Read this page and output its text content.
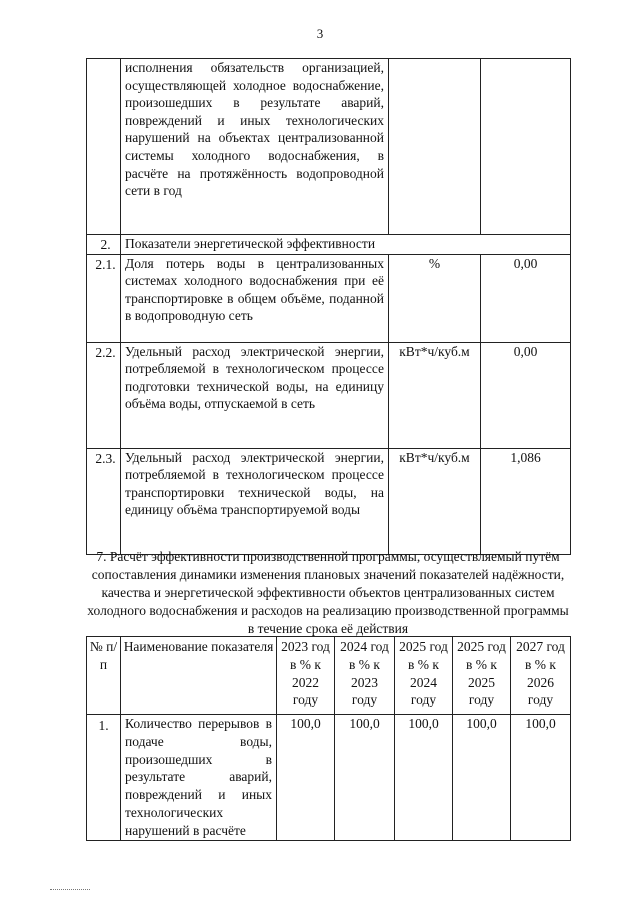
3
	исполнения обязательств организацией, осуществляющей холодное водоснабжение, произошедших в результате аварий, повреждений и иных технологических нарушений на объектах централизованной системы холодного водоснабжения, в расчёте на протяжённость водопроводной сети в год		
2.	Показатели энергетической эффективности		
2.1.	Доля потерь воды в централизованных системах холодного водоснабжения при её транспортировке в общем объёме, поданной в водопроводную сеть	%	0,00
2.2.	Удельный расход электрической энергии, потребляемой в технологическом процессе подготовки технической воды, на единицу объёма воды, отпускаемой в сеть	кВт*ч/куб.м	0,00
2.3.	Удельный расход электрической энергии, потребляемой в технологическом процессе транспортировки технической воды, на единицу объёма транспортируемой воды	кВт*ч/куб.м	1,086
7. Расчёт эффективности производственной программы, осуществляемый путём сопоставления динамики изменения плановых значений показателей надёжности, качества и энергетической эффективности объектов централизованных систем холодного водоснабжения и расходов на реализацию производственной программы в течение срока её действия
№ п/п	Наименование показателя	2023 год в % к 2022 году	2024 год в % к 2023 году	2025 год в % к 2024 году	2025 год в % к 2025 году	2027 год в % к 2026 году
1.	Количество перерывов в подаче воды, произошедших в результате аварий, повреждений и иных технологических нарушений в расчёте	100,0	100,0	100,0	100,0	100,0
